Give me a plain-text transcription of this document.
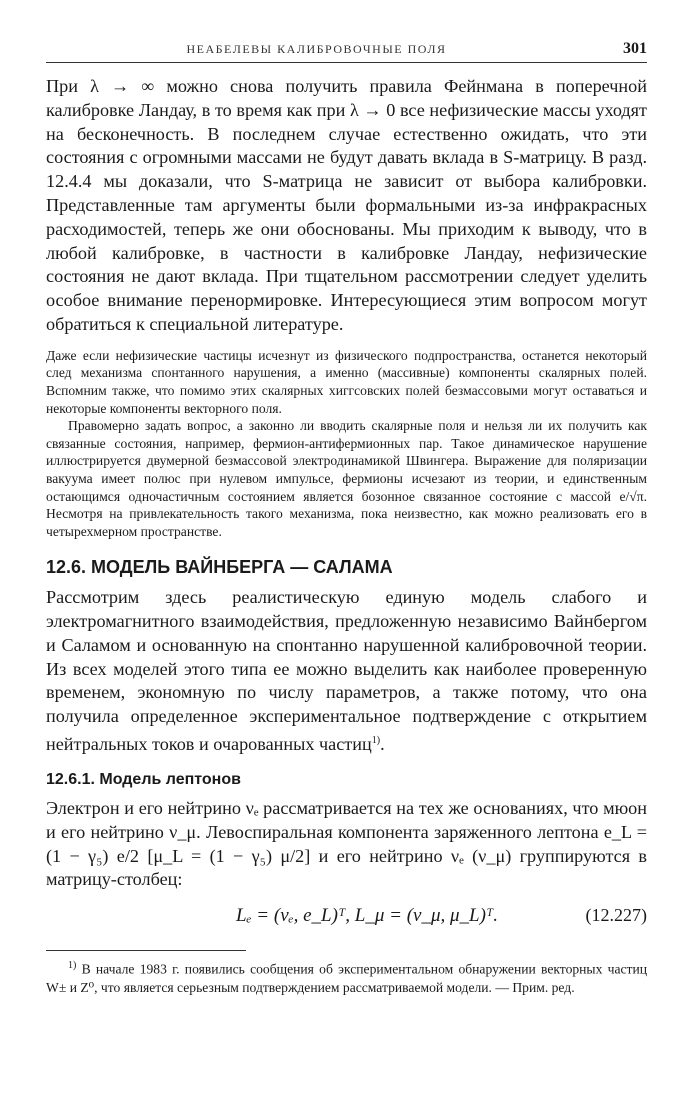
НЕАБЕЛЕВЫ КАЛИБРОВОЧНЫЕ ПОЛЯ	301

При λ → ∞ можно снова получить правила Фейнмана в поперечной калибровке Ландау, в то время как при λ → 0 все нефизические массы уходят на бесконечность. В последнем случае естественно ожидать, что эти состояния с огромными массами не будут давать вклада в S-матрицу. В разд. 12.4.4 мы доказали, что S-матрица не зависит от выбора калибровки. Представленные там аргументы были формальными из-за инфракрасных расходимостей, теперь же они обоснованы. Мы приходим к выводу, что в любой калибровке, в частности в калибровке Ландау, нефизические состояния не дают вклада. При тщательном рассмотрении следует уделить особое внимание перенормировке. Интересующиеся этим вопросом могут обратиться к специальной литературе.

Даже если нефизические частицы исчезнут из физического подпространства, останется некоторый след механизма спонтанного нарушения, а именно (массивные) компоненты скалярных полей. Вспомним также, что помимо этих скалярных хиггсовских полей безмассовыми могут оставаться и некоторые компоненты векторного поля.

Правомерно задать вопрос, а законно ли вводить скалярные поля и нельзя ли их получить как связанные состояния, например, фермион-антифермионных пар. Такое динамическое нарушение иллюстрируется двумерной безмассовой электродинамикой Швингера. Выражение для поляризации вакуума имеет полюс при нулевом импульсе, фермионы исчезают из теории, и единственным остающимся одночастичным состоянием является бозонное связанное состояние с массой e/√π. Несмотря на привлекательность такого механизма, пока неизвестно, как можно реализовать его в четырехмерном пространстве.

12.6. МОДЕЛЬ ВАЙНБЕРГА — САЛАМА

Рассмотрим здесь реалистическую единую модель слабого и электромагнитного взаимодействия, предложенную независимо Вайнбергом и Саламом и основанную на спонтанно нарушенной калибровочной теории. Из всех моделей этого типа ее можно выделить как наиболее проверенную временем, экономную по числу параметров, а также потому, что она получила определенное экспериментальное подтверждение с открытием нейтральных токов и очарованных частиц$^{1)}$.

12.6.1. Модель лептонов

Электрон и его нейтрино νₑ рассматривается на тех же основаниях, что мюон и его нейтрино ν_μ. Левоспиральная компонента заряженного лептона e_L = (1 − γ₅) e/2 [μ_L = (1 − γ₅) μ/2] и его нейтрино νₑ (ν_μ) группируются в матрицу-столбец:

Lₑ = (νₑ, e_L)ᵀ, L_μ = (ν_μ, μ_L)ᵀ.	(12.227)

$^{1)}$ В начале 1983 г. появились сообщения об экспериментальном обнаружении векторных частиц W± и Z⁰, что является серьезным подтверждением рассматриваемой модели. — Прим. ред.
